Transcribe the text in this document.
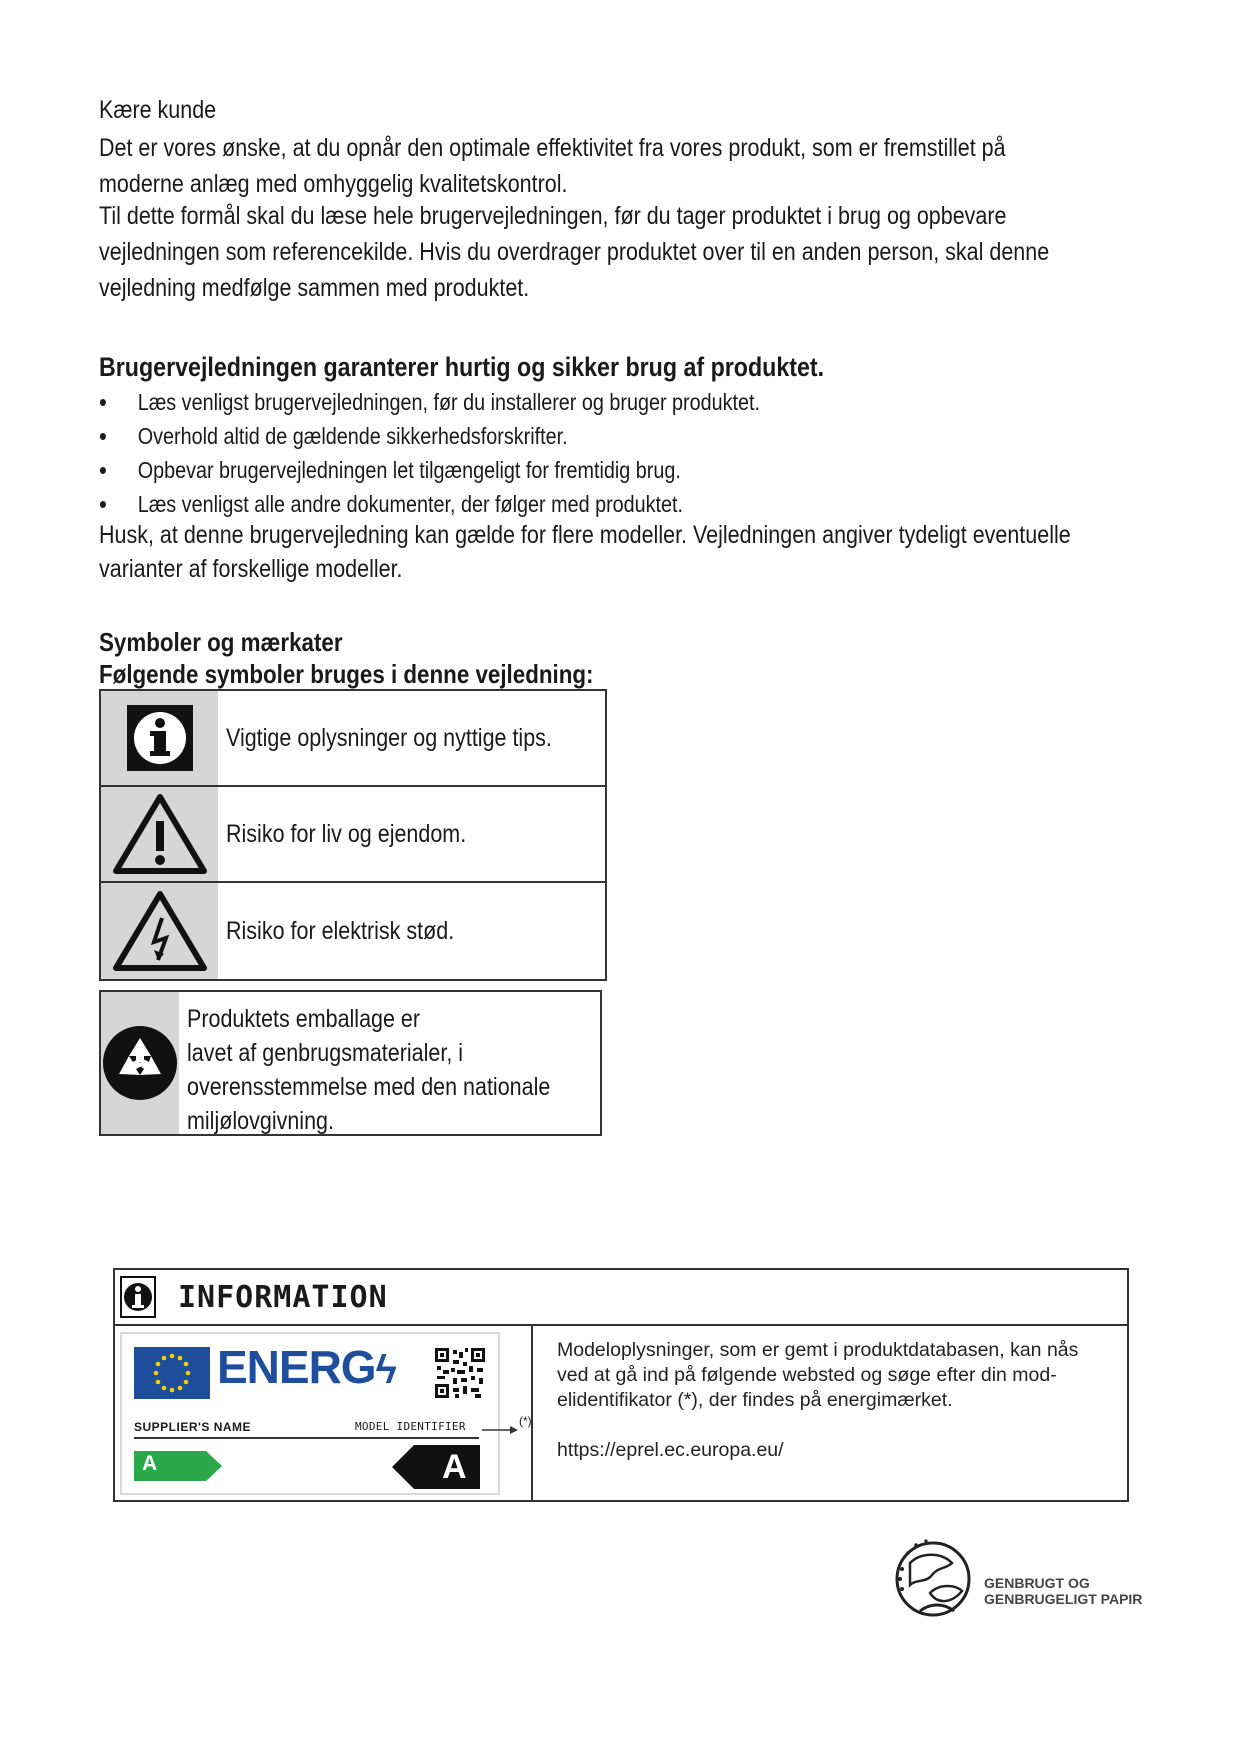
Kære kunde

Det er vores ønske, at du opnår den optimale effektivitet fra vores produkt, som er fremstillet på

moderne anlæg med omhyggelig kvalitetskontrol.

Til dette formål skal du læse hele brugervejledningen, før du tager produktet i brug og opbevare

vejledningen som referencekilde. Hvis du overdrager produktet over til en anden person, skal denne

vejledning medfølge sammen med produktet.

Brugervejledningen garanterer hurtig og sikker brug af produktet.
• Læs venligst brugervejledningen, før du installerer og bruger produktet.
• Overhold altid de gældende sikkerhedsforskrifter.
• Opbevar brugervejledningen let tilgængeligt for fremtidig brug.
• Læs venligst alle andre dokumenter, der følger med produktet.
Husk, at denne brugervejledning kan gælde for flere modeller. Vejledningen angiver tydeligt eventuelle
varianter af forskellige modeller.
Symboler og mærkater
Følgende symboler bruges i denne vejledning:
Vigtige oplysninger og nyttige tips.
Risiko for liv og ejendom.
Risiko for elektrisk stød.
Produktets emballage er
lavet af genbrugsmaterialer, i
overensstemmelse med den nationale
miljølovgivning.
INFORMATION
ENERGϟ
SUPPLIER'S NAME	MODEL IDENTIFIER
A	A
(*)
Modeloplysninger, som er gemt i produktdatabasen, kan nås
ved at gå ind på følgende websted og søge efter din mod-
elidentifikator (*), der findes på energimærket.
https://eprel.ec.europa.eu/
GENBRUGT OG
GENBRUGELIGT PAPIR
